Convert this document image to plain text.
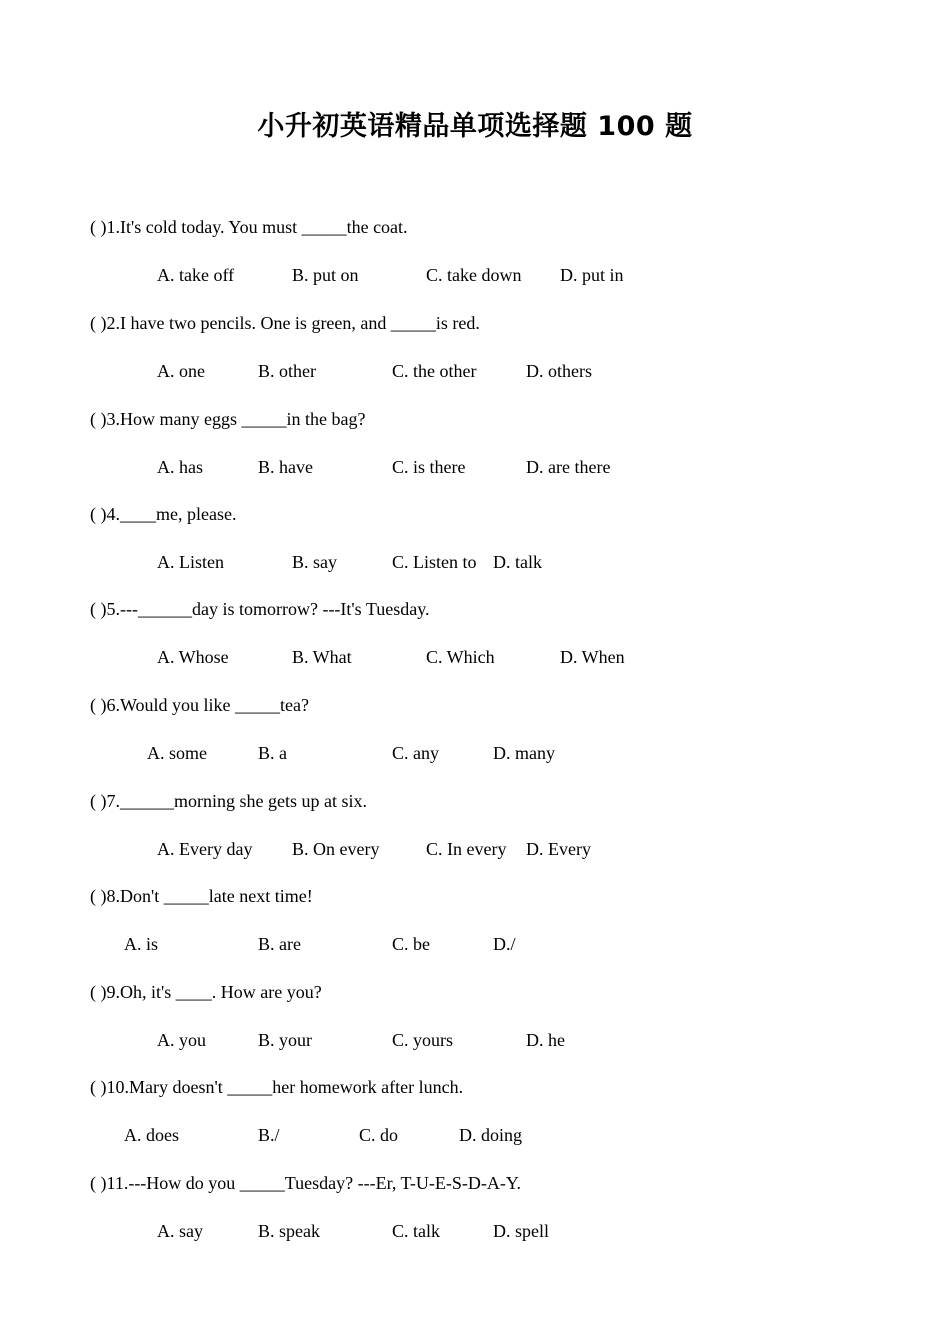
小升初英语精品单项选择题 100 题
( )1.It's cold today. You must _____the coat.
A. take off	B. put on	C. take down D. put in
( )2.I have two pencils. One is green, and _____is red.
A. one	B. other	C. the other	D. others
( )3.How many eggs _____in the bag?
A. has	B. have	C. is there	D. are there
( )4.____me, please.
A. Listen	B. say	C. Listen to D. talk
( )5.---______day is tomorrow? ---It's Tuesday.
A. Whose	B. What	C. Which	D. When
( )6.Would you like _____tea?
A. some	B. a	C. any	D. many
( )7.______morning she gets up at six.
A. Every day B. On every	C. In every D. Every
( )8.Don't _____late next time!
A. is	B. are	C. be	D./
( )9.Oh, it's ____. How are you?
A. you	B. your	C. yours	D. he
( )10.Mary doesn't _____her homework after lunch.
A. does	B./	C. do	D. doing
( )11.---How do you _____Tuesday? ---Er, T-U-E-S-D-A-Y.
A. say	B. speak	C. talk	D. spell
